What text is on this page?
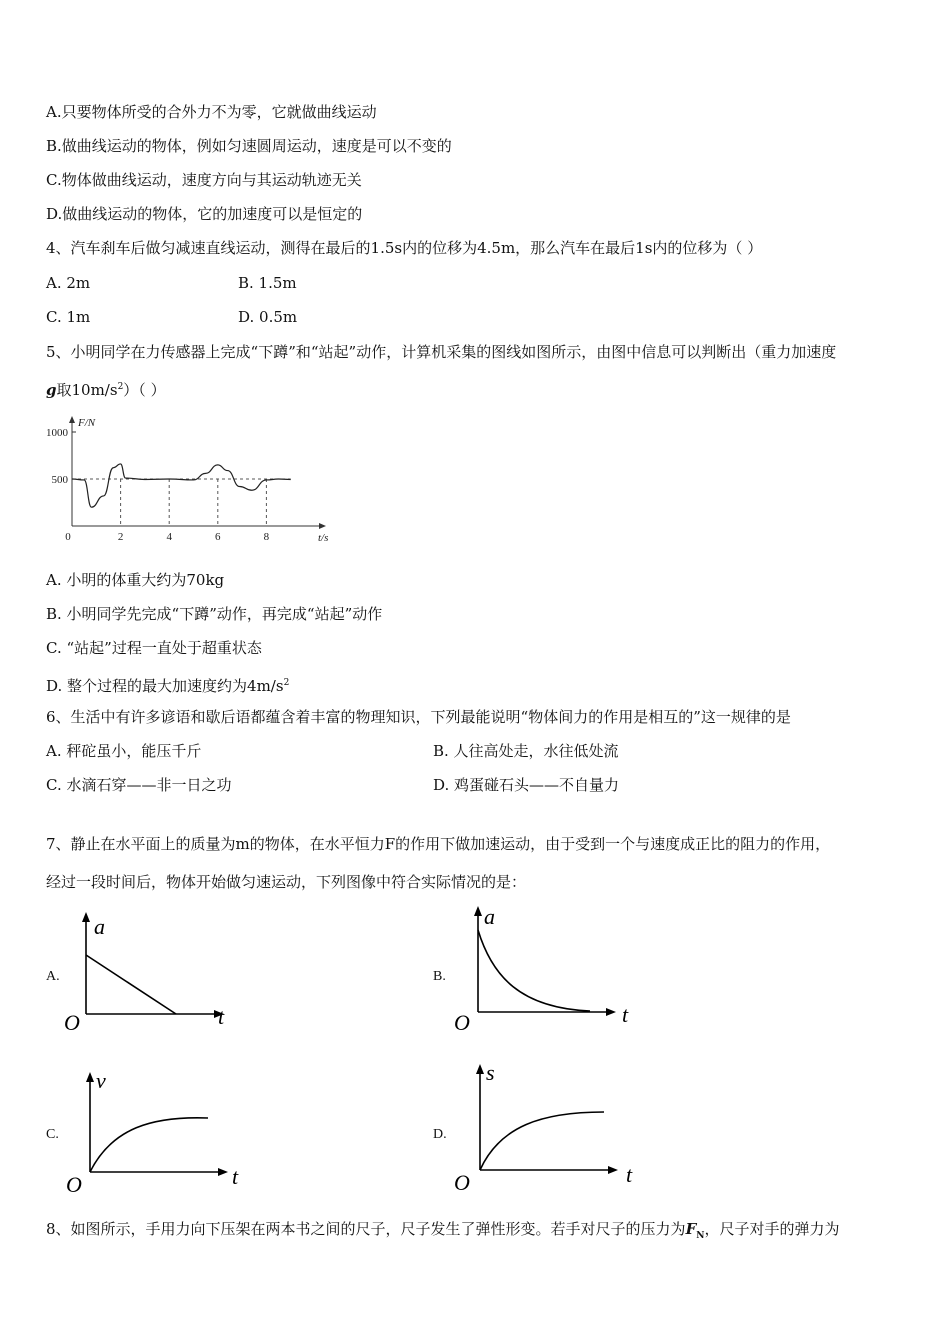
A.只要物体所受的合外力不为零，它就做曲线运动
B.做曲线运动的物体，例如匀速圆周运动，速度是可以不变的
C.物体做曲线运动，速度方向与其运动轨迹无关
D.做曲线运动的物体，它的加速度可以是恒定的
4、汽车刹车后做匀减速直线运动，测得在最后的1.5s内的位移为4.5m，那么汽车在最后1s内的位移为（ ）
A. 2m	B. 1.5m
C. 1m	D. 0.5m
5、小明同学在力传感器上完成“下蹲”和“站起”动作，计算机采集的图线如图所示，由图中信息可以判断出（重力加速度
g取$10m/s^2$）（ ）
F/N
t/s
1000
500
0	2	4	6	8
A. 小明的体重大约为70kg
B. 小明同学先完成“下蹲”动作，再完成“站起”动作
C. “站起”过程一直处于超重状态
D. 整个过程的最大加速度约为$4m/s^2$
6、生活中有许多谚语和歇后语都蕴含着丰富的物理知识，下列最能说明“物体间力的作用是相互的”这一规律的是
A. 秤砣虽小，能压千斤	B. 人往高处走，水往低处流
C. 水滴石穿——非一日之功	D. 鸡蛋碰石头——不自量力
7、静止在水平面上的质量为m的物体，在水平恒力F的作用下做加速运动，由于受到一个与速度成正比的阻力的作用，
经过一段时间后，物体开始做匀速运动，下列图像中符合实际情况的是：
A.	B.
C.	D.
a
t
O
a
t
O
v
t
O
s
t
O
8、如图所示，手用力向下压架在两本书之间的尺子，尺子发生了弹性形变。若手对尺子的压力为$F_N$，尺子对手的弹力为
